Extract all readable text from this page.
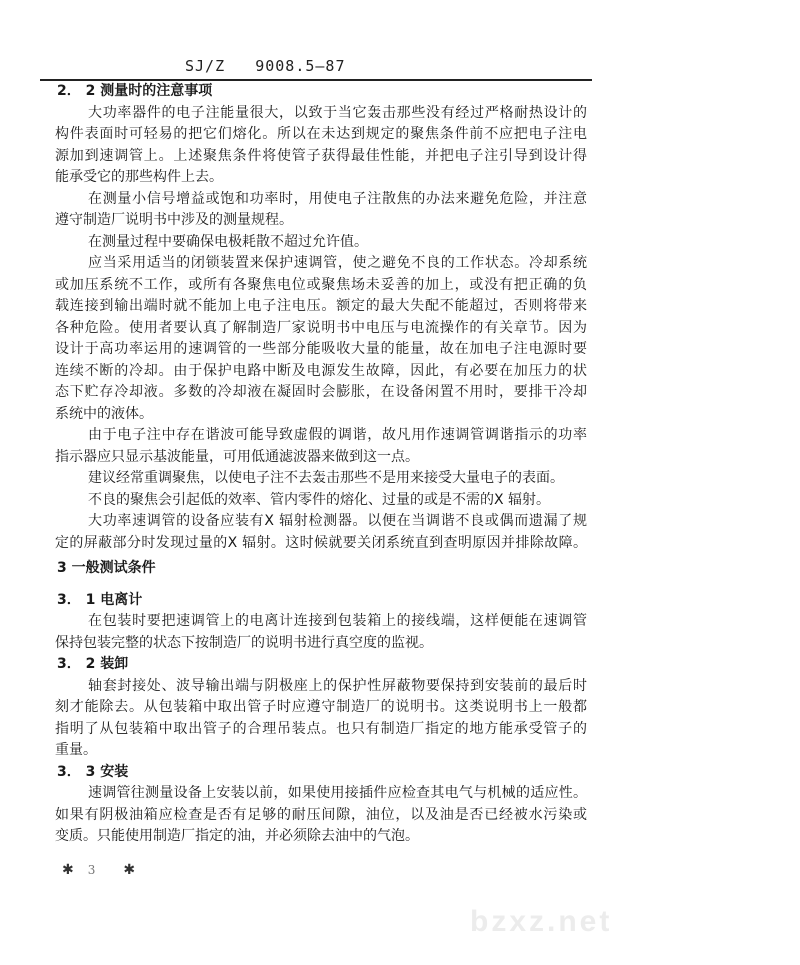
bzxz.net
SJ/Z   9008.5—87
2． 2 测量时的注意事项
大功率器件的电子注能量很大，以致于当它轰击那些没有经过严格耐热设计的
构件表面时可轻易的把它们熔化。所以在未达到规定的聚焦条件前不应把电子注电
源加到速调管上。上述聚焦条件将使管子获得最佳性能，并把电子注引导到设计得
能承受它的那些构件上去。
在测量小信号增益或饱和功率时，用使电子注散焦的办法来避免危险，并注意
遵守制造厂说明书中涉及的测量规程。
在测量过程中要确保电极耗散不超过允许值。
应当采用适当的闭锁装置来保护速调管，使之避免不良的工作状态。冷却系统
或加压系统不工作，或所有各聚焦电位或聚焦场未妥善的加上，或没有把正确的负
载连接到输出端时就不能加上电子注电压。额定的最大失配不能超过，否则将带来
各种危险。使用者要认真了解制造厂家说明书中电压与电流操作的有关章节。因为
设计于高功率运用的速调管的一些部分能吸收大量的能量，故在加电子注电源时要
连续不断的冷却。由于保护电路中断及电源发生故障，因此，有必要在加压力的状
态下贮存冷却液。多数的冷却液在凝固时会膨胀，在设备闲置不用时，要排干冷却
系统中的液体。
由于电子注中存在谐波可能导致虚假的调谐，故凡用作速调管调谐指示的功率
指示器应只显示基波能量，可用低通滤波器来做到这一点。
建议经常重调聚焦，以使电子注不去轰击那些不是用来接受大量电子的表面。
不良的聚焦会引起低的效率、管内零件的熔化、过量的或是不需的X 辐射。
大功率速调管的设备应装有X 辐射检测器。以便在当调谐不良或偶而遗漏了规
定的屏蔽部分时发现过量的X 辐射。这时候就要关闭系统直到查明原因并排除故障。
3 一般测试条件
3． 1 电离计
在包装时要把速调管上的电离计连接到包装箱上的接线端，这样便能在速调管
保持包装完整的状态下按制造厂的说明书进行真空度的监视。
3． 2 装卸
轴套封接处、波导输出端与阴极座上的保护性屏蔽物要保持到安装前的最后时
刻才能除去。从包装箱中取出管子时应遵守制造厂的说明书。这类说明书上一般都
指明了从包装箱中取出管子的合理吊装点。也只有制造厂指定的地方能承受管子的
重量。
3． 3 安装
速调管往测量设备上安装以前，如果使用接插件应检查其电气与机械的适应性。
如果有阴极油箱应检查是否有足够的耐压间隙，油位，以及油是否已经被水污染或
变质。只能使用制造厂指定的油，并必须除去油中的气泡。
✱ 3 ✱
